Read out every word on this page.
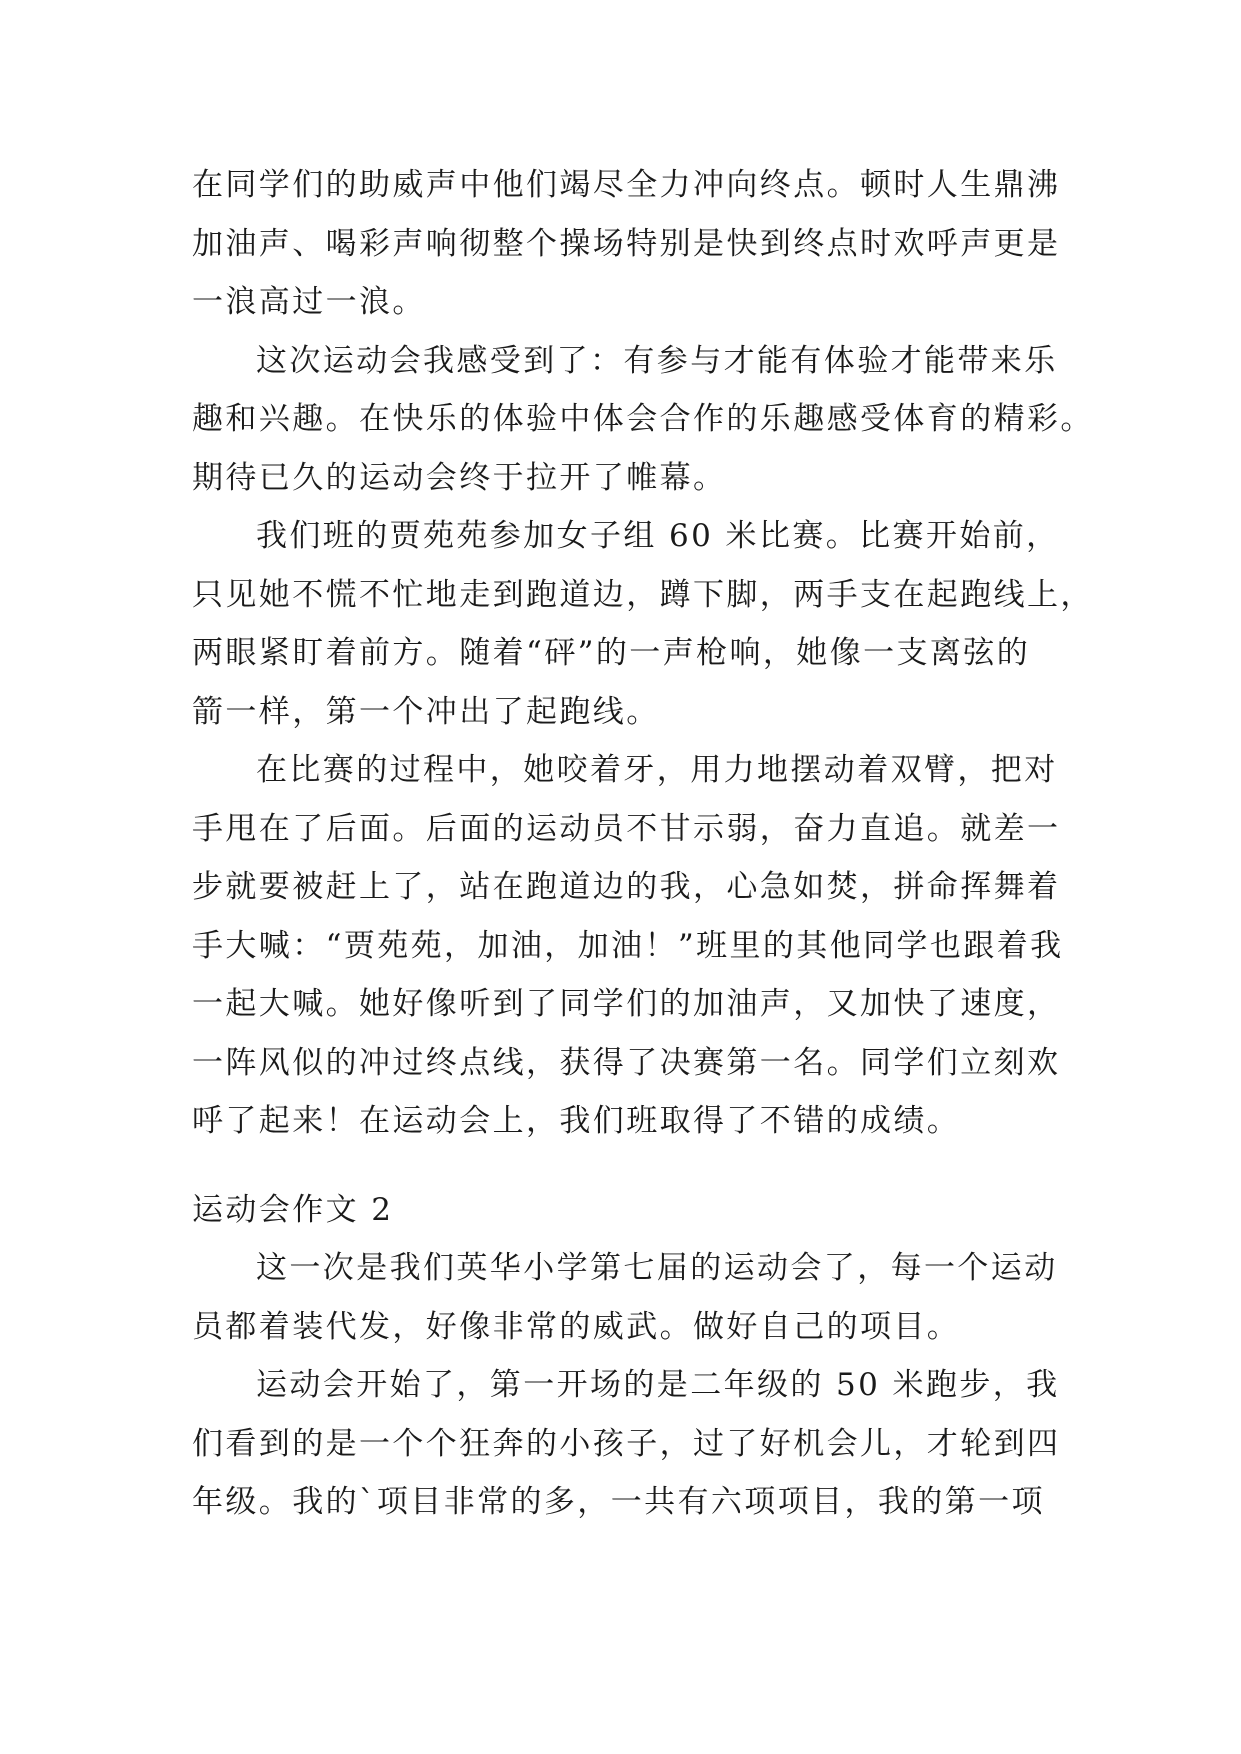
在同学们的助威声中他们竭尽全力冲向终点。顿时人生鼎沸
加油声、喝彩声响彻整个操场特别是快到终点时欢呼声更是
一浪高过一浪。
这次运动会我感受到了：有参与才能有体验才能带来乐
趣和兴趣。在快乐的体验中体会合作的乐趣感受体育的精彩。
期待已久的运动会终于拉开了帷幕。
我们班的贾苑苑参加女子组 60 米比赛。比赛开始前，
只见她不慌不忙地走到跑道边，蹲下脚，两手支在起跑线上，
两眼紧盯着前方。随着“砰”的一声枪响，她像一支离弦的
箭一样，第一个冲出了起跑线。
在比赛的过程中，她咬着牙，用力地摆动着双臂，把对
手甩在了后面。后面的运动员不甘示弱，奋力直追。就差一
步就要被赶上了，站在跑道边的我，心急如焚，拼命挥舞着
手大喊：“贾苑苑，加油，加油！”班里的其他同学也跟着我
一起大喊。她好像听到了同学们的加油声，又加快了速度，
一阵风似的冲过终点线，获得了决赛第一名。同学们立刻欢
呼了起来！在运动会上，我们班取得了不错的成绩。
运动会作文 2
这一次是我们英华小学第七届的运动会了，每一个运动
员都着装代发，好像非常的威武。做好自己的项目。
运动会开始了，第一开场的是二年级的 50 米跑步，我
们看到的是一个个狂奔的小孩子，过了好机会儿，才轮到四
年级。我的`项目非常的多，一共有六项项目，我的第一项
